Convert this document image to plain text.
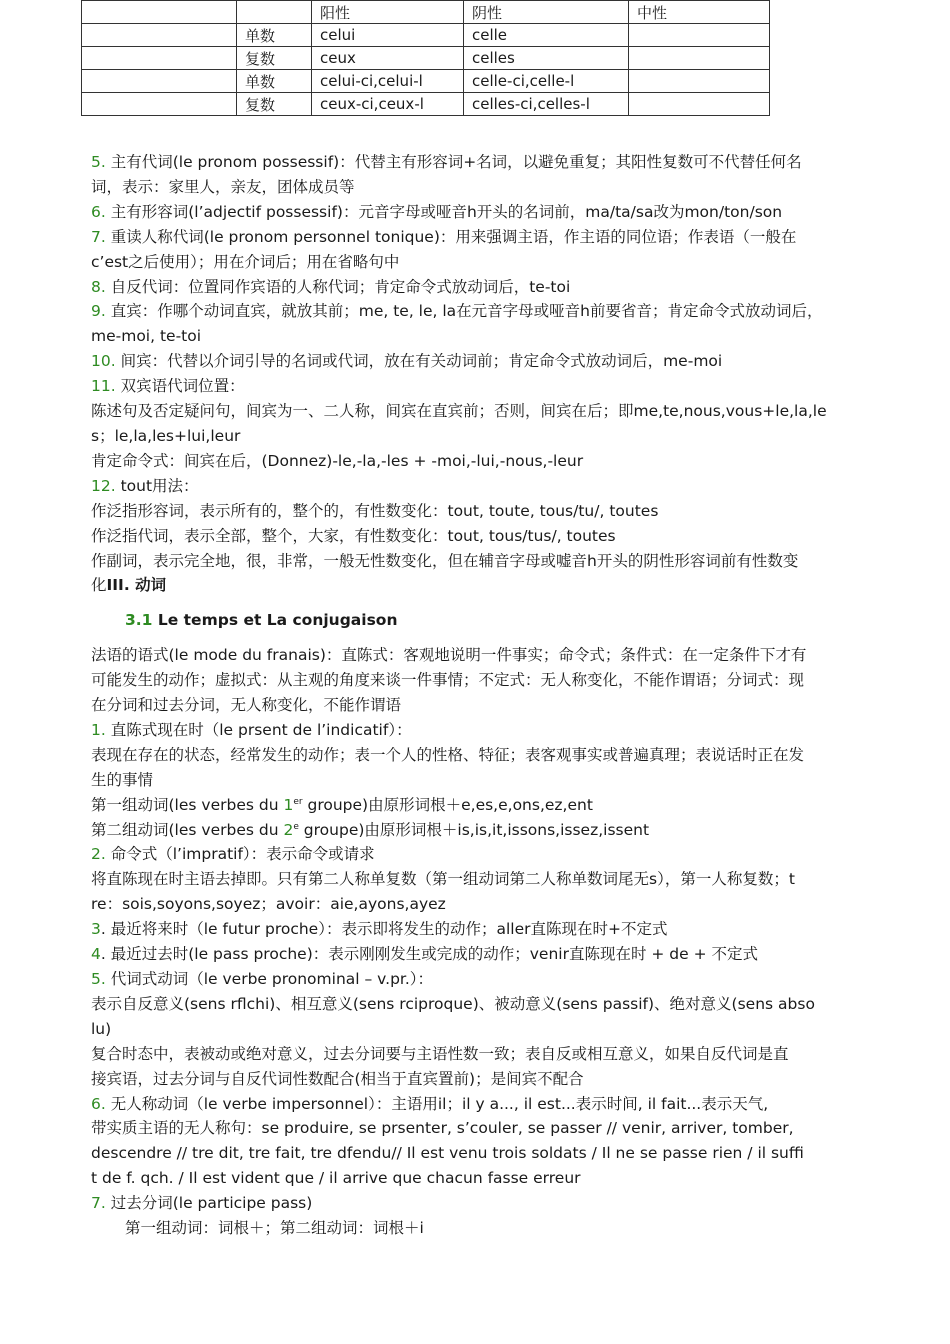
		阳性	阴性	中性
	单数	celui	celle	
	复数	ceux	celles	
	单数	celui-ci,celui-l	celle-ci,celle-l	
	复数	ceux-ci,ceux-l	celles-ci,celles-l	
5. 主有代词(le pronom possessif)：代替主有形容词+名词，以避免重复；其阳性复数可不代替任何名
词，表示：家里人，亲友，团体成员等
6. 主有形容词(l’adjectif possessif)：元音字母或哑音h开头的名词前，ma/ta/sa改为mon/ton/son
7. 重读人称代词(le pronom personnel tonique)：用来强调主语，作主语的同位语；作表语（一般在
c’est之后使用）；用在介词后；用在省略句中
8. 自反代词：位置同作宾语的人称代词；肯定命令式放动词后，te-toi
9. 直宾：作哪个动词直宾，就放其前；me, te, le, la在元音字母或哑音h前要省音；肯定命令式放动词后，
me-moi, te-toi
10. 间宾：代替以介词引导的名词或代词，放在有关动词前；肯定命令式放动词后，me-moi
11. 双宾语代词位置：
陈述句及否定疑问句，间宾为一、二人称，间宾在直宾前；否则，间宾在后；即me,te,nous,vous+le,la,le
s；le,la,les+lui,leur
肯定命令式：间宾在后，(Donnez)-le,-la,-les + -moi,-lui,-nous,-leur
12. tout用法：
作泛指形容词，表示所有的，整个的，有性数变化：tout, toute, tous/tu/, toutes
作泛指代词，表示全部，整个，大家，有性数变化：tout, tous/tus/, toutes
作副词，表示完全地，很，非常，一般无性数变化，但在辅音字母或嘘音h开头的阴性形容词前有性数变
化III. 动词
3.1 Le temps et La conjugaison
法语的语式(le mode du franais)：直陈式：客观地说明一件事实；命令式；条件式：在一定条件下才有
可能发生的动作；虚拟式：从主观的角度来谈一件事情；不定式：无人称变化，不能作谓语；分词式：现
在分词和过去分词，无人称变化，不能作谓语
1. 直陈式现在时（le prsent de l’indicatif）：
表现在存在的状态，经常发生的动作；表一个人的性格、特征；表客观事实或普遍真理；表说话时正在发
生的事情
第一组动词(les verbes du 1er groupe)由原形词根＋e,es,e,ons,ez,ent
第二组动词(les verbes du 2e groupe)由原形词根＋is,is,it,issons,issez,issent
2. 命令式（l’impratif）：表示命令或请求
将直陈现在时主语去掉即。只有第二人称单复数（第一组动词第二人称单数词尾无s），第一人称复数；t
re：sois,soyons,soyez；avoir：aie,ayons,ayez
3. 最近将来时（le futur proche）：表示即将发生的动作；aller直陈现在时+不定式
4. 最近过去时(le pass proche)：表示刚刚发生或完成的动作；venir直陈现在时 + de + 不定式
5. 代词式动词（le verbe pronominal – v.pr.）：
表示自反意义(sens rflchi)、相互意义(sens rciproque)、被动意义(sens passif)、绝对意义(sens abso
lu)
复合时态中，表被动或绝对意义，过去分词要与主语性数一致；表自反或相互意义，如果自反代词是直
接宾语，过去分词与自反代词性数配合(相当于直宾置前)；是间宾不配合
6. 无人称动词（le verbe impersonnel）：主语用il；il y a..., il est...表示时间, il fait...表示天气,
带实质主语的无人称句：se produire, se prsenter, s’couler, se passer // venir, arriver, tomber,
descendre // tre dit, tre fait, tre dfendu// Il est venu trois soldats / Il ne se passe rien / il suffi
t de f. qch. / Il est vident que / il arrive que chacun fasse erreur
7. 过去分词(le participe pass)
第一组动词：词根＋；第二组动词：词根＋i
